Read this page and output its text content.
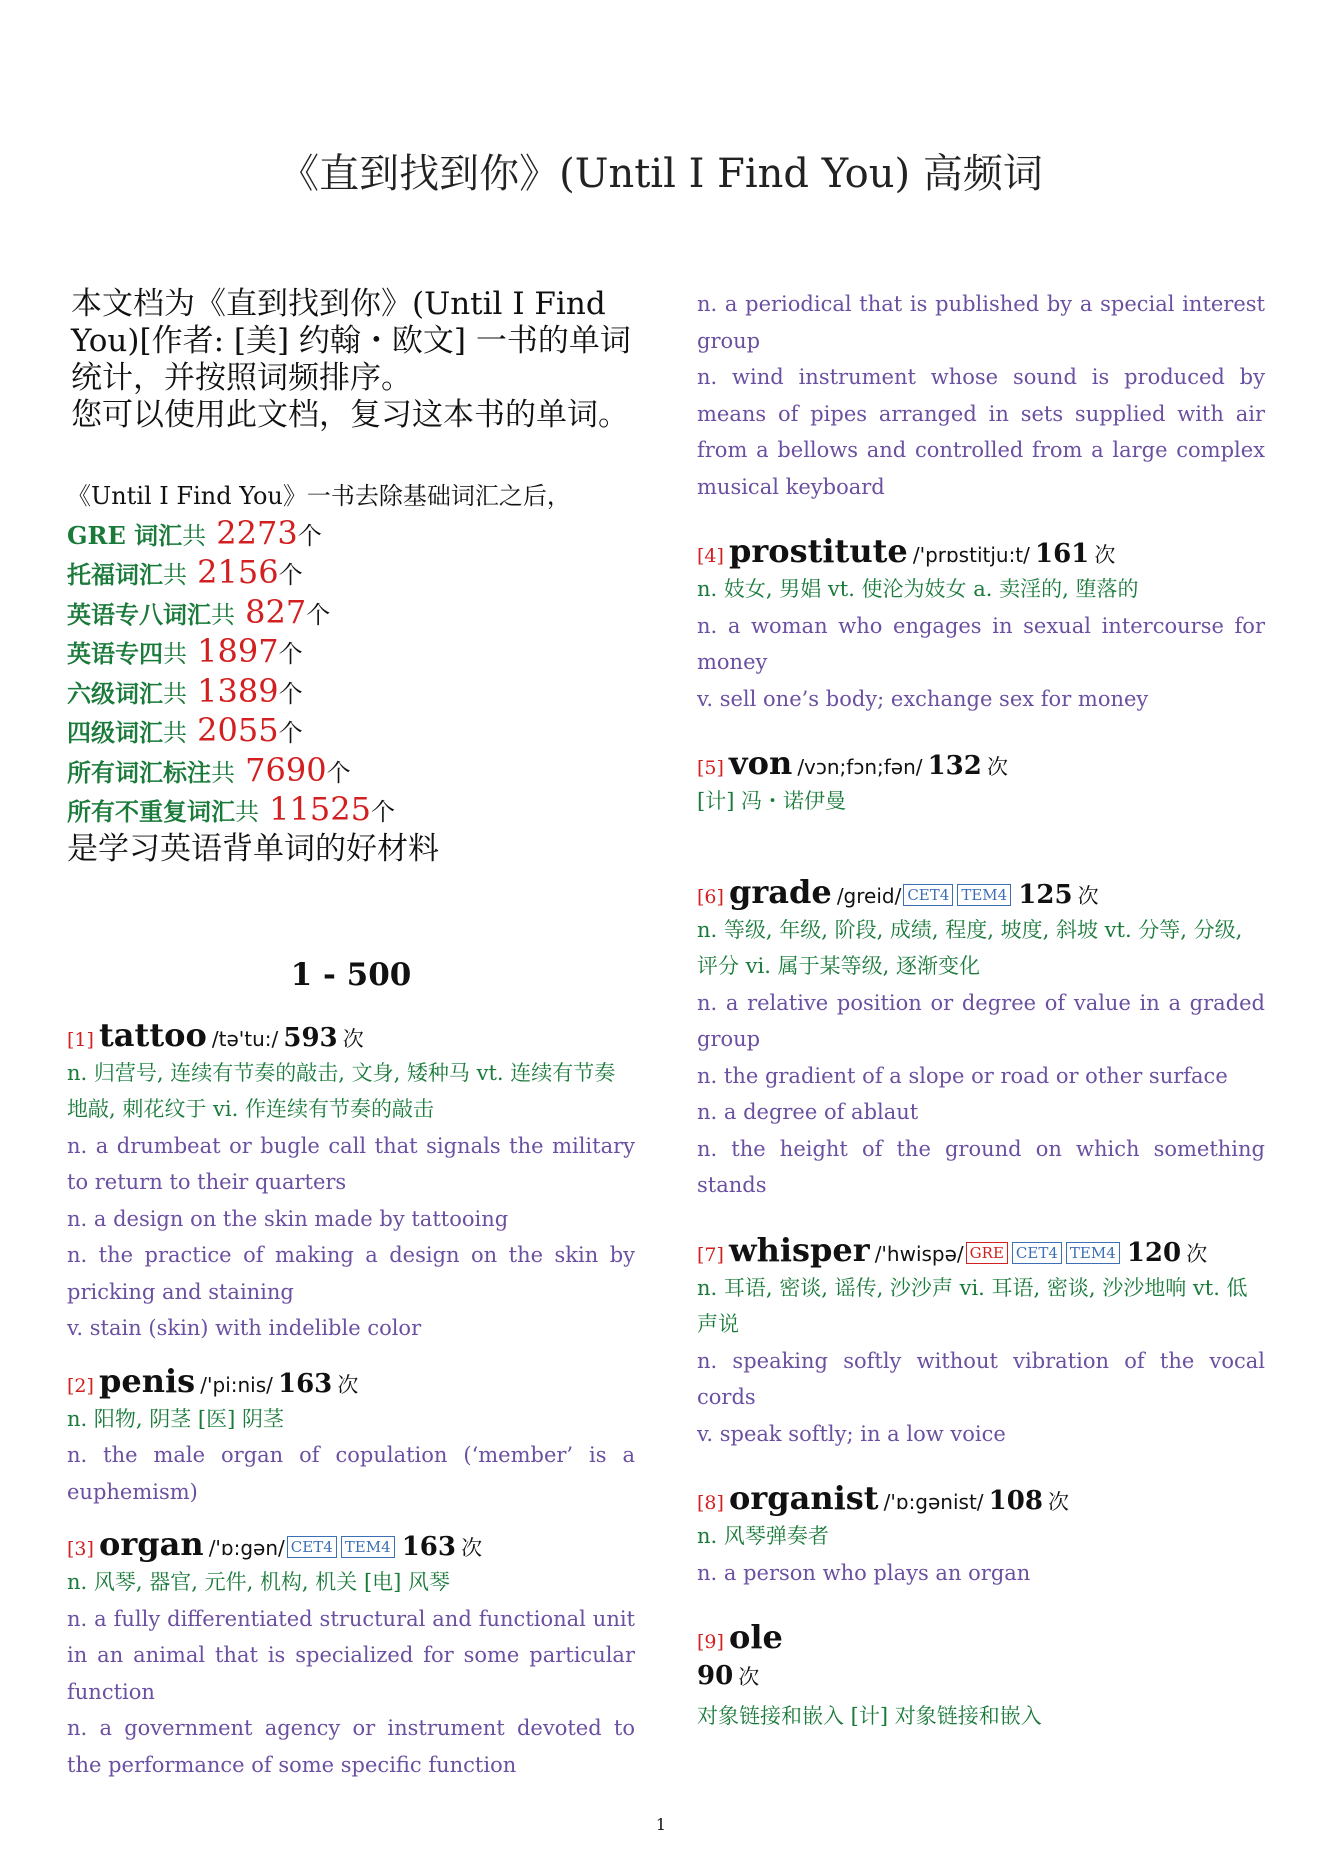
《直到找到你》(Until I Find You) 高频词
本文档为《直到找到你》(Until I Find You)[作者: [美] 约翰・欧文] 一书的单词统计，并按照词频排序。
您可以使用此文档，复习这本书的单词。
《Until I Find You》一书去除基础词汇之后，
GRE 词汇共 2273个
托福词汇共 2156个
英语专八词汇共 827个
英语专四共 1897个
六级词汇共 1389个
四级词汇共 2055个
所有词汇标注共 7690个
所有不重复词汇共 11525个
是学习英语背单词的好材料
1 - 500
[1] tattoo /tə'tu:/ 593 次
n. 归营号, 连续有节奏的敲击, 文身, 矮种马 vt. 连续有节奏地敲, 刺花纹于 vi. 作连续有节奏的敲击
n. a drumbeat or bugle call that signals the military to return to their quarters
n. a design on the skin made by tattooing
n. the practice of making a design on the skin by pricking and staining
v. stain (skin) with indelible color
[2] penis /'pi:nis/ 163 次
n. 阳物, 阴茎 [医] 阴茎
n. the male organ of copulation (‘member’ is a euphemism)
[3] organ /'ɒ:gən/ CET4 TEM4 163 次
n. 风琴, 器官, 元件, 机构, 机关 [电] 风琴
n. a fully differentiated structural and functional unit in an animal that is specialized for some particular function
n. a government agency or instrument devoted to the performance of some specific function
n. a periodical that is published by a special interest group
n. wind instrument whose sound is produced by means of pipes arranged in sets supplied with air from a bellows and controlled from a large complex musical keyboard
[4] prostitute /'prɒstitju:t/ 161 次
n. 妓女, 男娼 vt. 使沦为妓女 a. 卖淫的, 堕落的
n. a woman who engages in sexual intercourse for money
v. sell one’s body; exchange sex for money
[5] von /vɔn;fɔn;fən/ 132 次
[计] 冯・诺伊曼
[6] grade /greid/ CET4 TEM4 125 次
n. 等级, 年级, 阶段, 成绩, 程度, 坡度, 斜坡 vt. 分等, 分级, 评分 vi. 属于某等级, 逐渐变化
n. a relative position or degree of value in a graded group
n. the gradient of a slope or road or other surface
n. a degree of ablaut
n. the height of the ground on which something stands
[7] whisper /'hwispə/ GRE CET4 TEM4 120 次
n. 耳语, 密谈, 谣传, 沙沙声 vi. 耳语, 密谈, 沙沙地响 vt. 低声说
n. speaking softly without vibration of the vocal cords
v. speak softly; in a low voice
[8] organist /'ɒ:gənist/ 108 次
n. 风琴弹奏者
n. a person who plays an organ
[9] ole
90 次
对象链接和嵌入 [计] 对象链接和嵌入
1
